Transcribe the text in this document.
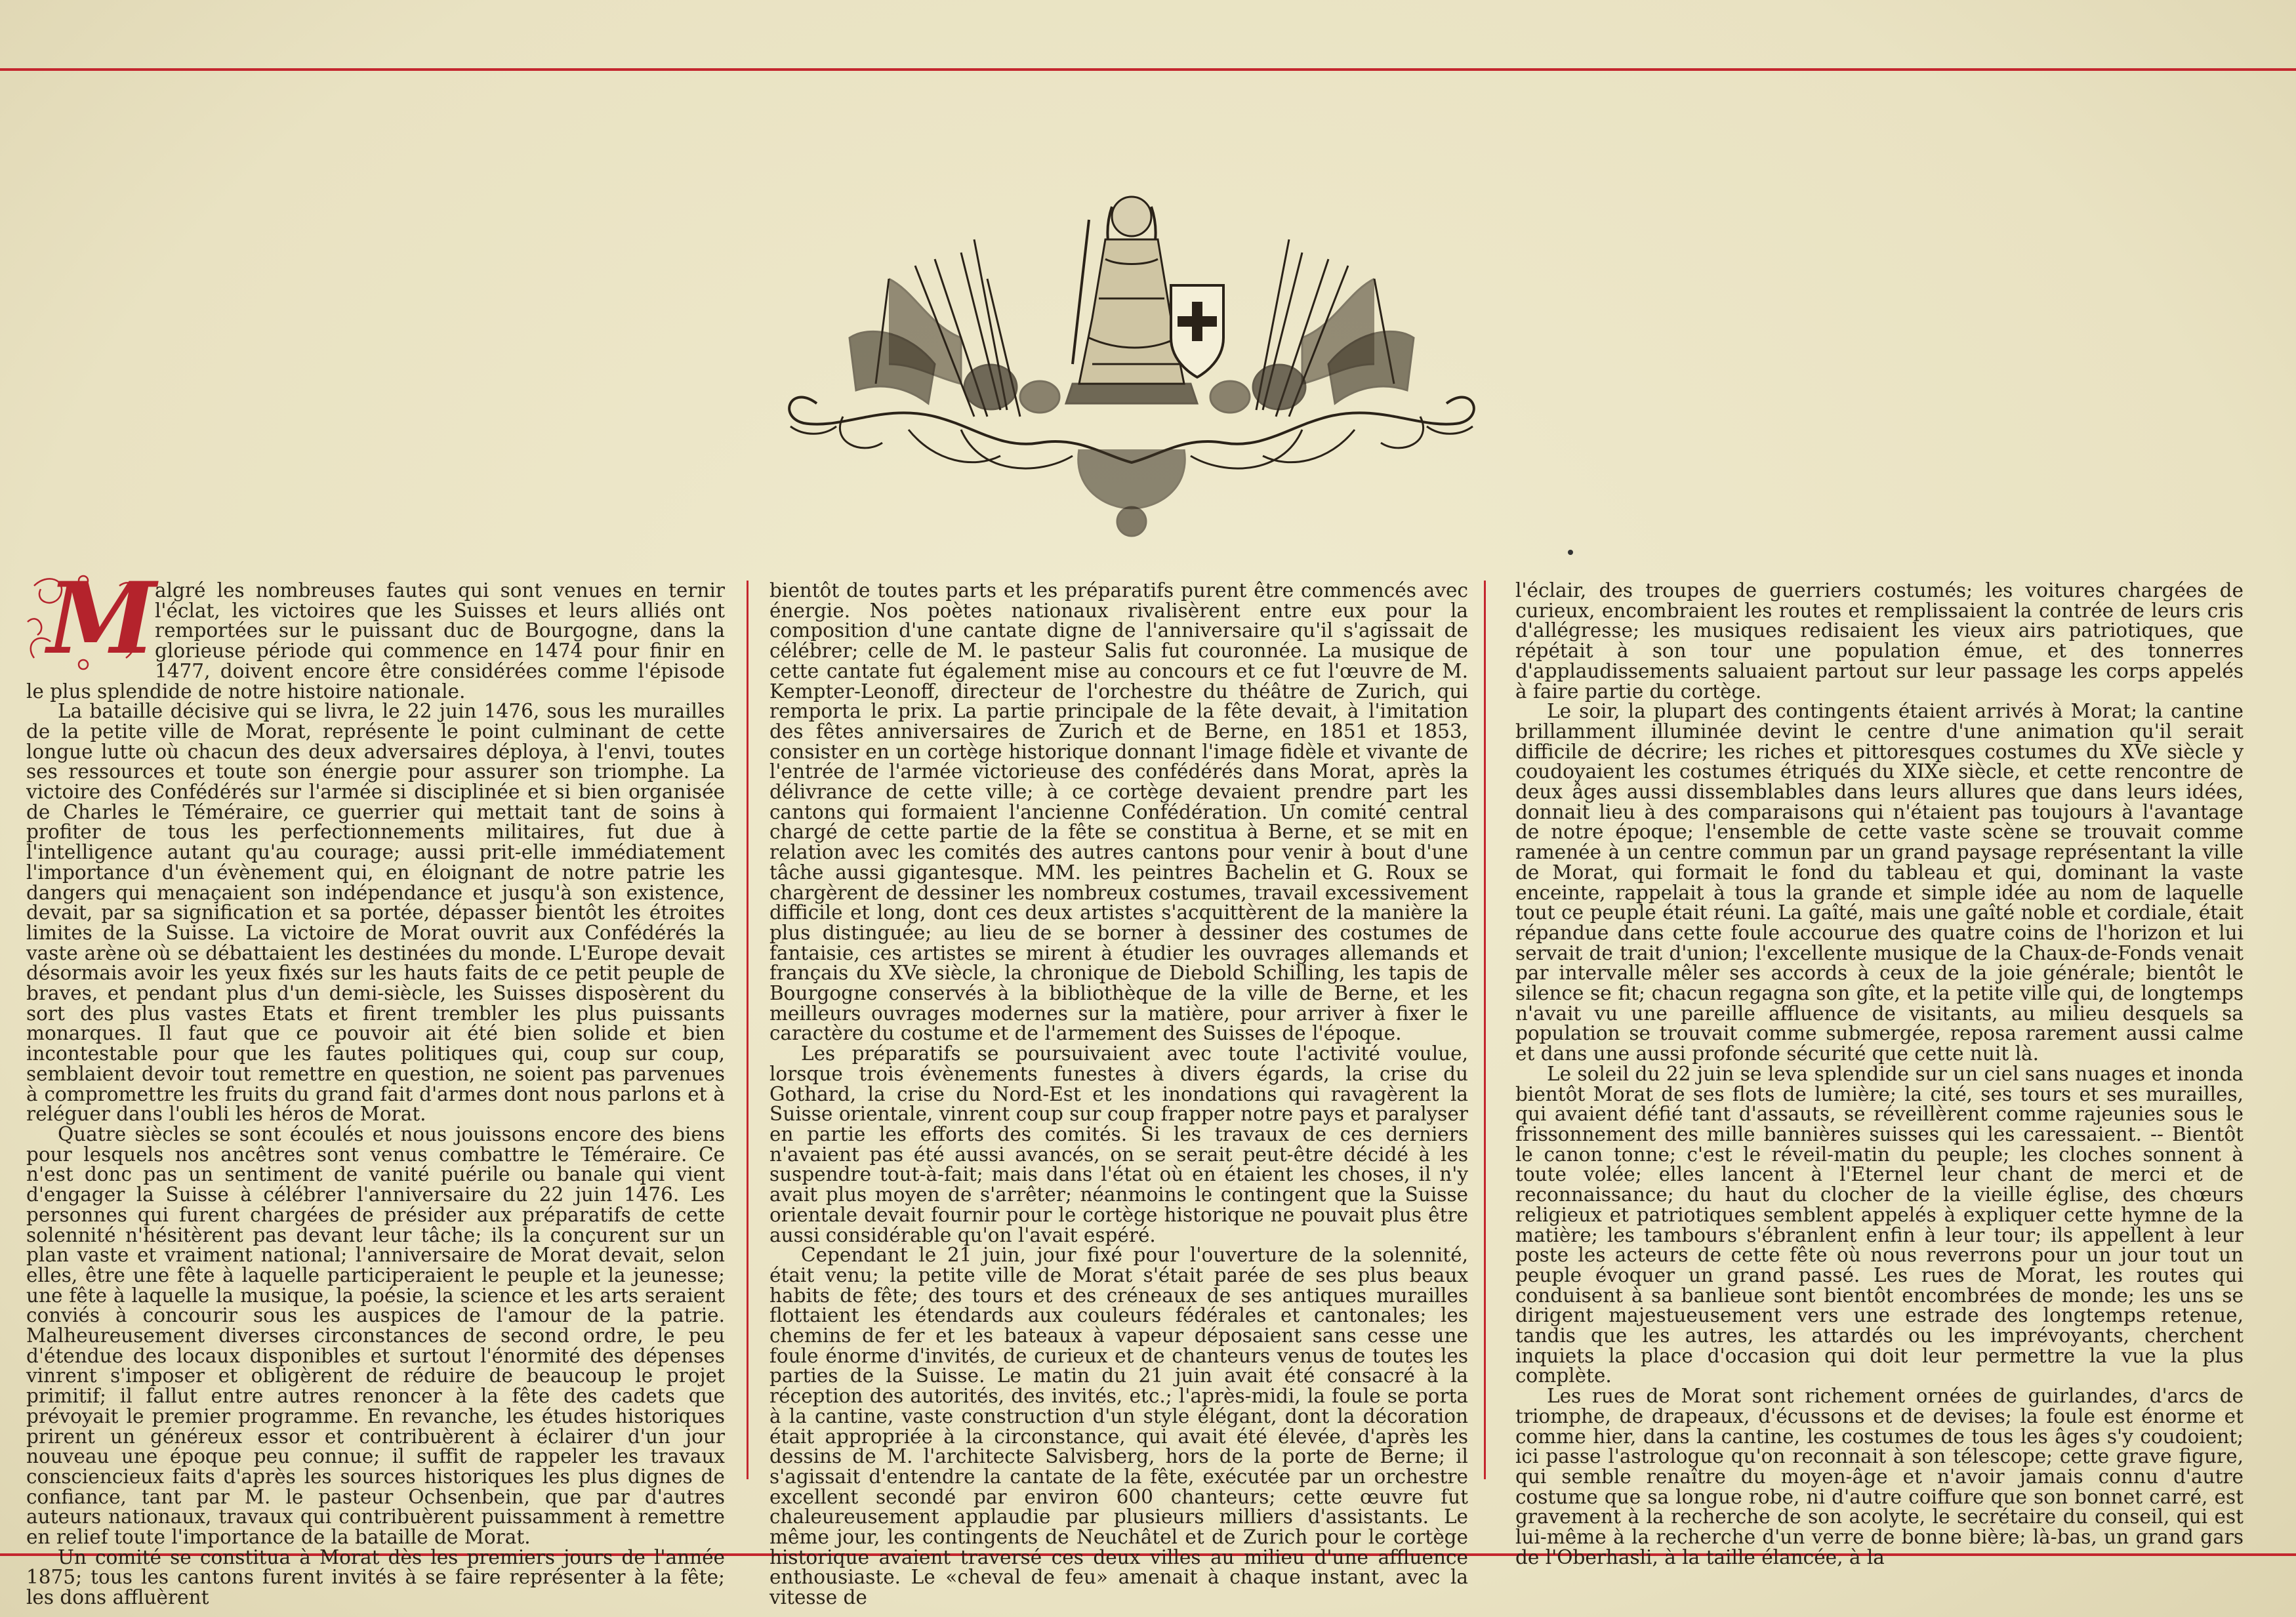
M

algré les nombreuses fautes qui sont venues en ternir l'éclat, les victoires que les Suisses et leurs alliés ont remportées sur le puissant duc de Bourgogne, dans la glorieuse période qui commence en 1474 pour finir en 1477, doivent encore être considérées comme l'épisode le plus splendide de notre histoire nationale.

La bataille décisive qui se livra, le 22 juin 1476, sous les murailles de la petite ville de Morat, représente le point culminant de cette longue lutte où chacun des deux adversaires déploya, à l'envi, toutes ses ressources et toute son énergie pour assurer son triomphe. La victoire des Confédérés sur l'armée si disciplinée et si bien organisée de Charles le Téméraire, ce guerrier qui mettait tant de soins à profiter de tous les perfectionnements militaires, fut due à l'intelligence autant qu'au courage; aussi prit-elle immédiatement l'importance d'un évènement qui, en éloignant de notre patrie les dangers qui menaçaient son indépendance et jusqu'à son existence, devait, par sa signification et sa portée, dépasser bientôt les étroites limites de la Suisse. La victoire de Morat ouvrit aux Confédérés la vaste arène où se débattaient les destinées du monde. L'Europe devait désormais avoir les yeux fixés sur les hauts faits de ce petit peuple de braves, et pendant plus d'un demi-siècle, les Suisses disposèrent du sort des plus vastes Etats et firent trembler les plus puissants monarques. Il faut que ce pouvoir ait été bien solide et bien incontestable pour que les fautes politiques qui, coup sur coup, semblaient devoir tout remettre en question, ne soient pas parvenues à compromettre les fruits du grand fait d'armes dont nous parlons et à reléguer dans l'oubli les héros de Morat.

Quatre siècles se sont écoulés et nous jouissons encore des biens pour lesquels nos ancêtres sont venus combattre le Téméraire. Ce n'est donc pas un sentiment de vanité puérile ou banale qui vient d'engager la Suisse à célébrer l'anniversaire du 22 juin 1476. Les personnes qui furent chargées de présider aux préparatifs de cette solennité n'hésitèrent pas devant leur tâche; ils la conçurent sur un plan vaste et vraiment national; l'anniversaire de Morat devait, selon elles, être une fête à laquelle participeraient le peuple et la jeunesse; une fête à laquelle la musique, la poésie, la science et les arts seraient conviés à concourir sous les auspices de l'amour de la patrie. Malheureusement diverses circonstances de second ordre, le peu d'étendue des locaux disponibles et surtout l'énormité des dépenses vinrent s'imposer et obligèrent de réduire de beaucoup le projet primitif; il fallut entre autres renoncer à la fête des cadets que prévoyait le premier programme. En revanche, les études historiques prirent un généreux essor et contribuèrent à éclairer d'un jour nouveau une époque peu connue; il suffit de rappeler les travaux consciencieux faits d'après les sources historiques les plus dignes de confiance, tant par M. le pasteur Ochsenbein, que par d'autres auteurs nationaux, travaux qui contribuèrent puissamment à remettre en relief toute l'importance de la bataille de Morat.

Un comité se constitua à Morat dès les premiers jours de l'année 1875; tous les cantons furent invités à se faire représenter à la fête; les dons affluèrent

bientôt de toutes parts et les préparatifs purent être commencés avec énergie. Nos poètes nationaux rivalisèrent entre eux pour la composition d'une cantate digne de l'anniversaire qu'il s'agissait de célébrer; celle de M. le pasteur Salis fut couronnée. La musique de cette cantate fut également mise au concours et ce fut l'œuvre de M. Kempter-Leonoff, directeur de l'orchestre du théâtre de Zurich, qui remporta le prix. La partie principale de la fête devait, à l'imitation des fêtes anniversaires de Zurich et de Berne, en 1851 et 1853, consister en un cortège historique donnant l'image fidèle et vivante de l'entrée de l'armée victorieuse des confédérés dans Morat, après la délivrance de cette ville; à ce cortège devaient prendre part les cantons qui formaient l'ancienne Confédération. Un comité central chargé de cette partie de la fête se constitua à Berne, et se mit en relation avec les comités des autres cantons pour venir à bout d'une tâche aussi gigantesque. MM. les peintres Bachelin et G. Roux se chargèrent de dessiner les nombreux costumes, travail excessivement difficile et long, dont ces deux artistes s'acquittèrent de la manière la plus distinguée; au lieu de se borner à dessiner des costumes de fantaisie, ces artistes se mirent à étudier les ouvrages allemands et français du XVe siècle, la chronique de Diebold Schilling, les tapis de Bourgogne conservés à la bibliothèque de la ville de Berne, et les meilleurs ouvrages modernes sur la matière, pour arriver à fixer le caractère du costume et de l'armement des Suisses de l'époque.

Les préparatifs se poursuivaient avec toute l'activité voulue, lorsque trois évènements funestes à divers égards, la crise du Gothard, la crise du Nord-Est et les inondations qui ravagèrent la Suisse orientale, vinrent coup sur coup frapper notre pays et paralyser en partie les efforts des comités. Si les travaux de ces derniers n'avaient pas été aussi avancés, on se serait peut-être décidé à les suspendre tout-à-fait; mais dans l'état où en étaient les choses, il n'y avait plus moyen de s'arrêter; néanmoins le contingent que la Suisse orientale devait fournir pour le cortège historique ne pouvait plus être aussi considérable qu'on l'avait espéré.

Cependant le 21 juin, jour fixé pour l'ouverture de la solennité, était venu; la petite ville de Morat s'était parée de ses plus beaux habits de fête; des tours et des créneaux de ses antiques murailles flottaient les étendards aux couleurs fédérales et cantonales; les chemins de fer et les bateaux à vapeur déposaient sans cesse une foule énorme d'invités, de curieux et de chanteurs venus de toutes les parties de la Suisse. Le matin du 21 juin avait été consacré à la réception des autorités, des invités, etc.; l'après-midi, la foule se porta à la cantine, vaste construction d'un style élégant, dont la décoration était appropriée à la circonstance, qui avait été élevée, d'après les dessins de M. l'architecte Salvisberg, hors de la porte de Berne; il s'agissait d'entendre la cantate de la fête, exécutée par un orchestre excellent secondé par environ 600 chanteurs; cette œuvre fut chaleureusement applaudie par plusieurs milliers d'assistants. Le même jour, les contingents de Neuchâtel et de Zurich pour le cortège historique avaient traversé ces deux villes au milieu d'une affluence enthousiaste. Le «cheval de feu» amenait à chaque instant, avec la vitesse de

l'éclair, des troupes de guerriers costumés; les voitures chargées de curieux, encombraient les routes et remplissaient la contrée de leurs cris d'allégresse; les musiques redisaient les vieux airs patriotiques, que répétait à son tour une population émue, et des tonnerres d'applaudissements saluaient partout sur leur passage les corps appelés à faire partie du cortège.

Le soir, la plupart des contingents étaient arrivés à Morat; la cantine brillamment illuminée devint le centre d'une animation qu'il serait difficile de décrire; les riches et pittoresques costumes du XVe siècle y coudoyaient les costumes étriqués du XIXe siècle, et cette rencontre de deux âges aussi dissemblables dans leurs allures que dans leurs idées, donnait lieu à des comparaisons qui n'étaient pas toujours à l'avantage de notre époque; l'ensemble de cette vaste scène se trouvait comme ramenée à un centre commun par un grand paysage représentant la ville de Morat, qui formait le fond du tableau et qui, dominant la vaste enceinte, rappelait à tous la grande et simple idée au nom de laquelle tout ce peuple était réuni. La gaîté, mais une gaîté noble et cordiale, était répandue dans cette foule accourue des quatre coins de l'horizon et lui servait de trait d'union; l'excellente musique de la Chaux-de-Fonds venait par intervalle mêler ses accords à ceux de la joie générale; bientôt le silence se fit; chacun regagna son gîte, et la petite ville qui, de longtemps n'avait vu une pareille affluence de visitants, au milieu desquels sa population se trouvait comme submergée, reposa rarement aussi calme et dans une aussi profonde sécurité que cette nuit là.

Le soleil du 22 juin se leva splendide sur un ciel sans nuages et inonda bientôt Morat de ses flots de lumière; la cité, ses tours et ses murailles, qui avaient défié tant d'assauts, se réveillèrent comme rajeunies sous le frissonnement des mille bannières suisses qui les caressaient. -- Bientôt le canon tonne; c'est le réveil-matin du peuple; les cloches sonnent à toute volée; elles lancent à l'Eternel leur chant de merci et de reconnaissance; du haut du clocher de la vieille église, des chœurs religieux et patriotiques semblent appelés à expliquer cette hymne de la matière; les tambours s'ébranlent enfin à leur tour; ils appellent à leur poste les acteurs de cette fête où nous reverrons pour un jour tout un peuple évoquer un grand passé. Les rues de Morat, les routes qui conduisent à sa banlieue sont bientôt encombrées de monde; les uns se dirigent majestueusement vers une estrade des longtemps retenue, tandis que les autres, les attardés ou les imprévoyants, cherchent inquiets la place d'occasion qui doit leur permettre la vue la plus complète.

Les rues de Morat sont richement ornées de guirlandes, d'arcs de triomphe, de drapeaux, d'écussons et de devises; la foule est énorme et comme hier, dans la cantine, les costumes de tous les âges s'y coudoient; ici passe l'astrologue qu'on reconnait à son télescope; cette grave figure, qui semble renaître du moyen-âge et n'avoir jamais connu d'autre costume que sa longue robe, ni d'autre coiffure que son bonnet carré, est gravement à la recherche de son acolyte, le secrétaire du conseil, qui est lui-même à la recherche d'un verre de bonne bière; là-bas, un grand gars de l'Oberhasli, à la taille élancée, à la
